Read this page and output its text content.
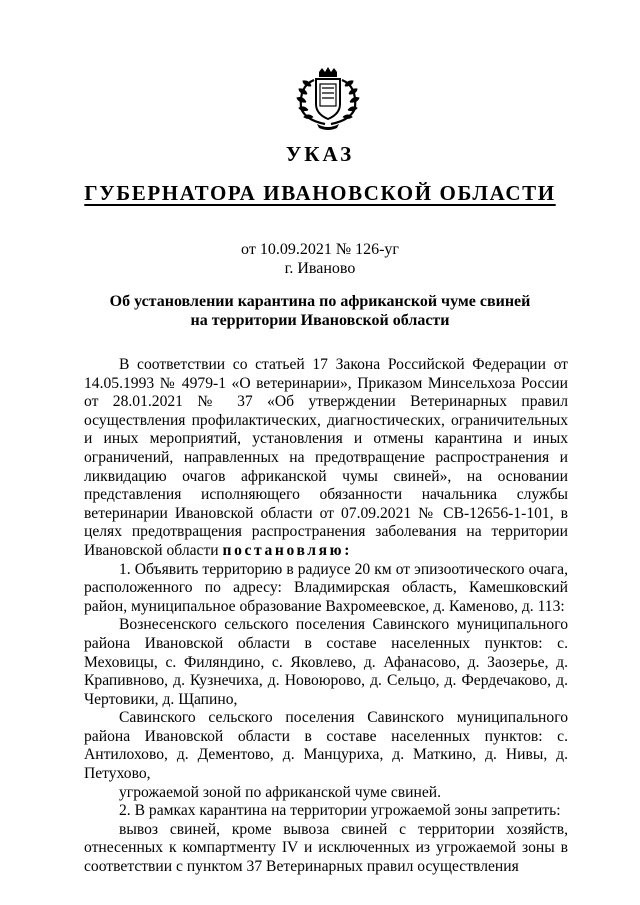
УКАЗ
ГУБЕРНАТОРА ИВАНОВСКОЙ ОБЛАСТИ
от 10.09.2021 № 126-уг
г. Иваново
Об установлении карантина по африканской чуме свиней
на территории Ивановской области

В соответствии со статьей 17 Закона Российской Федерации от 14.05.1993 № 4979-1 «О ветеринарии», Приказом Минсельхоза России от 28.01.2021 № 37 «Об утверждении Ветеринарных правил осуществления профилактических, диагностических, ограничительных и иных мероприятий, установления и отмены карантина и иных ограничений, направленных на предотвращение распространения и ликвидацию очагов африканской чумы свиней», на основании представления исполняющего обязанности начальника службы ветеринарии Ивановской области от 07.09.2021 № СВ-12656-1-101, в целях предотвращения распространения заболевания на территории Ивановской области постановляю:

1. Объявить территорию в радиусе 20 км от эпизоотического очага, расположенного по адресу: Владимирская область, Камешковский район, муниципальное образование Вахромеевское, д. Каменово, д. 113:

Вознесенского сельского поселения Савинского муниципального района Ивановской области в составе населенных пунктов: с. Меховицы, с. Филяндино, с. Яковлево, д. Афанасово, д. Заозерье, д. Крапивново, д. Кузнечиха, д. Новоюрово, д. Сельцо, д. Фердечаково, д. Чертовики, д. Щапино,

Савинского сельского поселения Савинского муниципального района Ивановской области в составе населенных пунктов: с. Антилохово, д. Дементово, д. Манцуриха, д. Маткино, д. Нивы, д. Петухово,

угрожаемой зоной по африканской чуме свиней.

2. В рамках карантина на территории угрожаемой зоны запретить:

вывоз свиней, кроме вывоза свиней с территории хозяйств, отнесенных к компартменту IV и исключенных из угрожаемой зоны в соответствии с пунктом 37 Ветеринарных правил осуществления
